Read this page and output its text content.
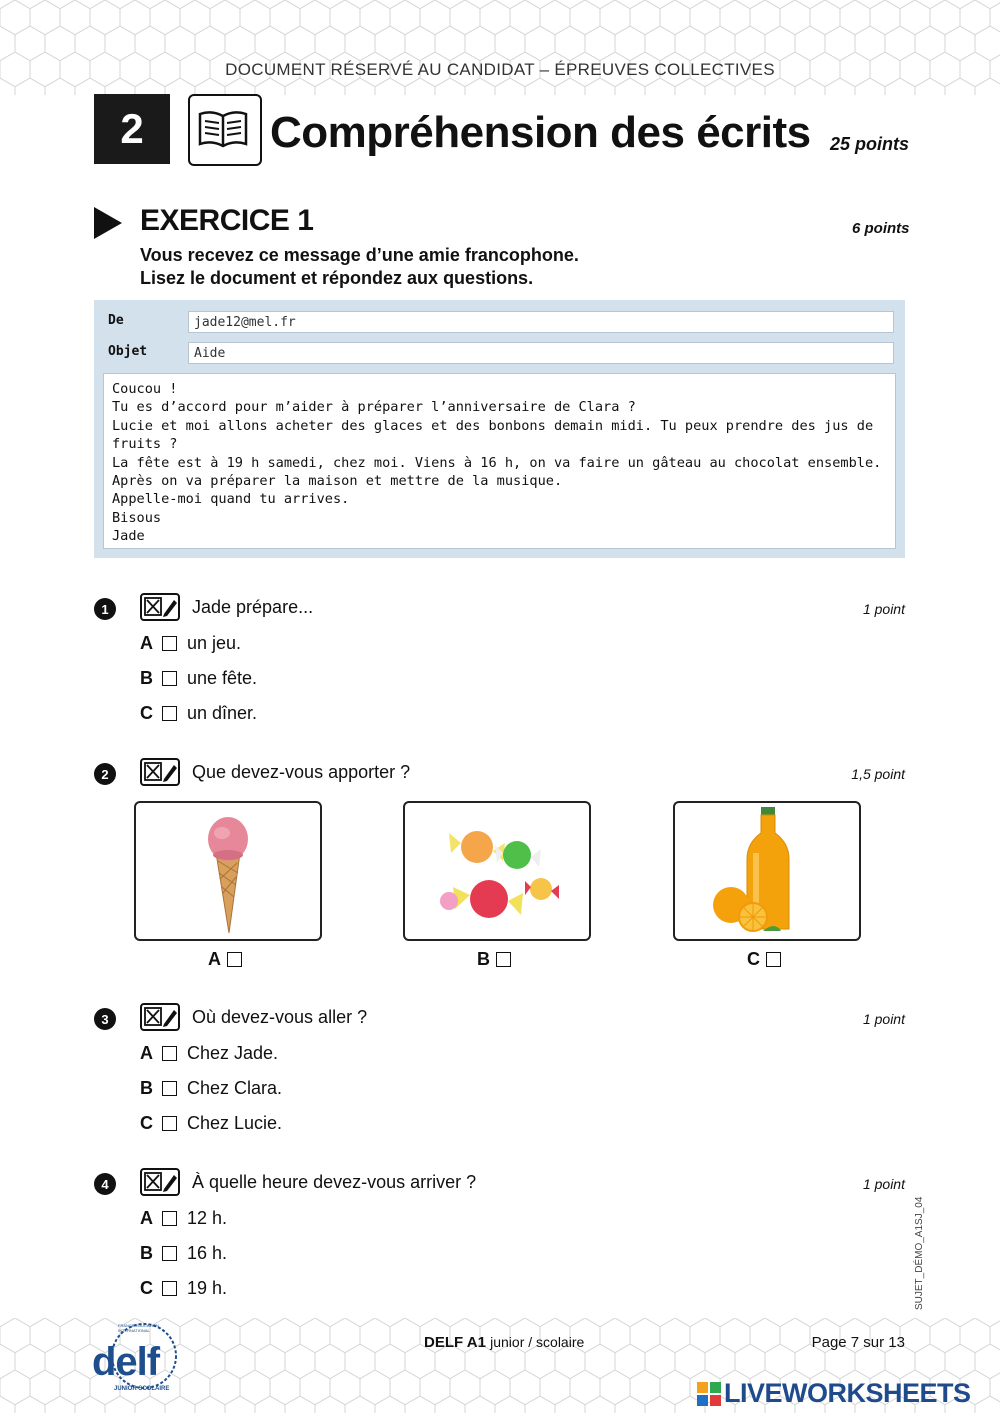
DOCUMENT RÉSERVÉ AU CANDIDAT – ÉPREUVES COLLECTIVES
2	Compréhension des écrits 25 points
EXERCICE 1	6 points
Vous recevez ce message d’une amie francophone.
Lisez le document et répondez aux questions.
De	jade12@mel.fr
Objet	Aide
Coucou !
Tu es d’accord pour m’aider à préparer l’anniversaire de Clara ?
Lucie et moi allons acheter des glaces et des bonbons demain midi. Tu peux prendre des jus de fruits ?
La fête est à 19 h samedi, chez moi. Viens à 16 h, on va faire un gâteau au chocolat ensemble.
Après on va préparer la maison et mettre de la musique.
Appelle-moi quand tu arrives.
Bisous
Jade
1	Jade prépare...	1 point
A un jeu.
B une fête.
C un dîner.
2	Que devez-vous apporter ?	1,5 point
A	B	C
3	Où devez-vous aller ?	1 point
A Chez Jade.
B Chez Clara.
C Chez Lucie.
4	À quelle heure devez-vous arriver ?	1 point
A 12 h.
B 16 h.
C 19 h.	SUJET_DÉMO_A1SJ_04
delf
JUNIOR SCOLAIRE
FRANCE ÉDUCATION INTERNATIONAL
DELF A1 junior / scolaire	Page 7 sur 13
LIVEWORKSHEETS
